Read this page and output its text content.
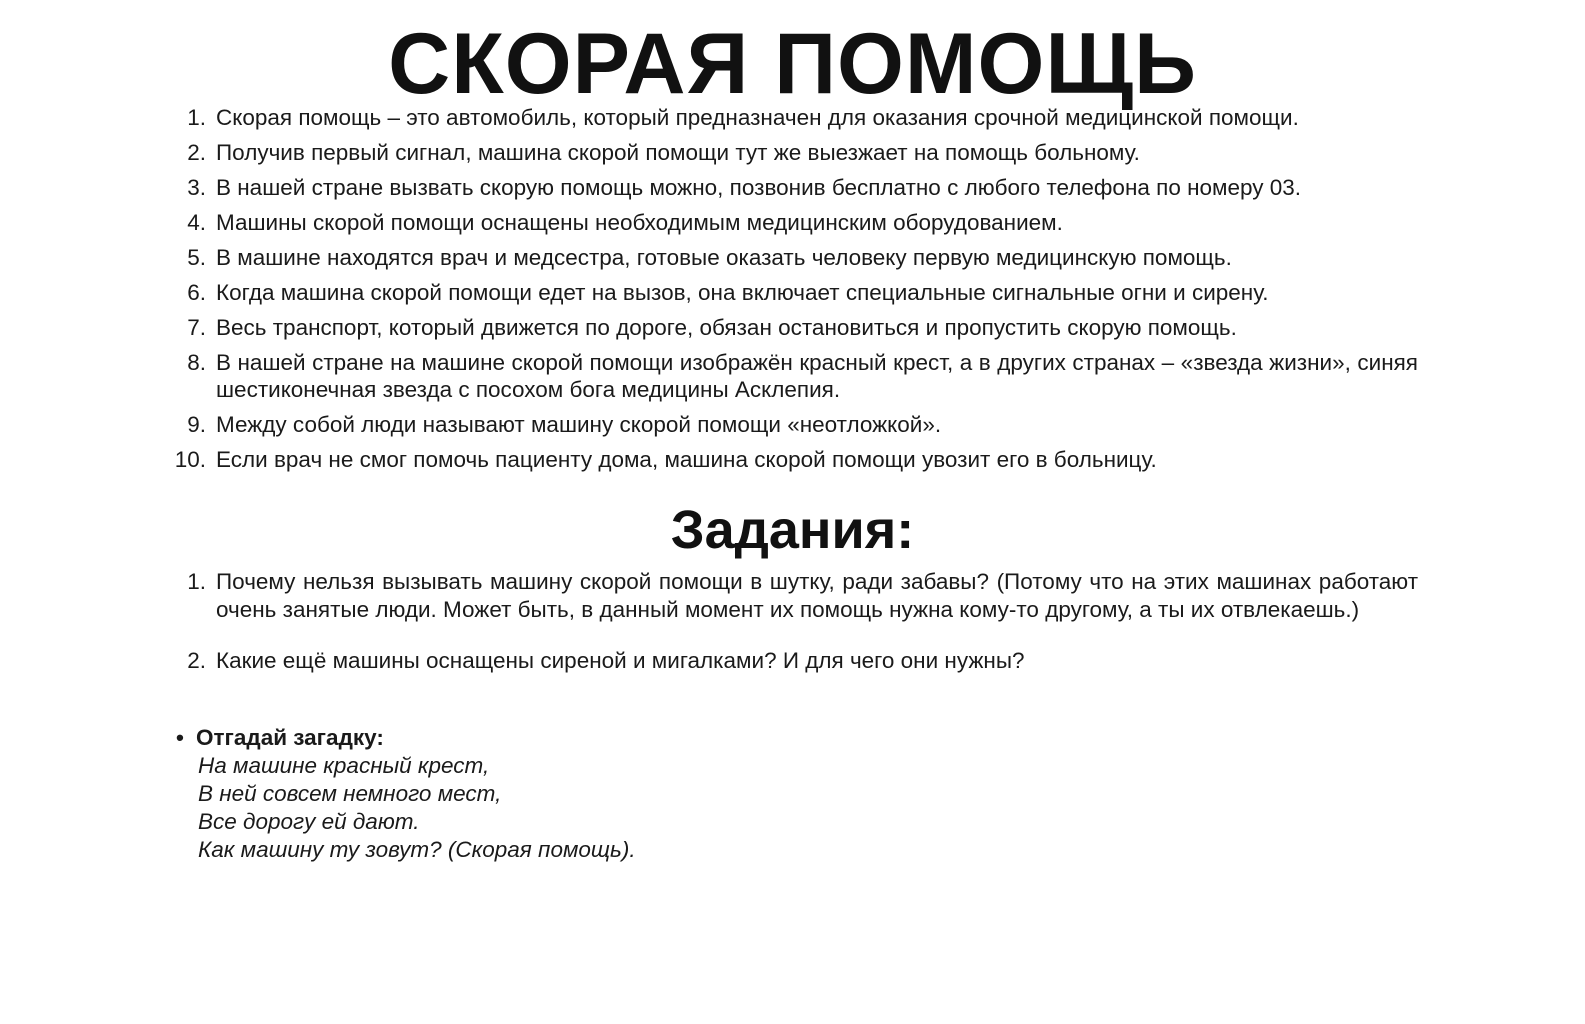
СКОРАЯ ПОМОЩЬ
1. Скорая помощь – это автомобиль, который предназначен для оказания срочной медицинской помощи.
2. Получив первый сигнал, машина скорой помощи тут же выезжает на помощь больному.
3. В нашей стране вызвать скорую помощь можно, позвонив бесплатно с любого телефона по номеру 03.
4. Машины скорой помощи оснащены необходимым медицинским оборудованием.
5. В машине находятся врач и медсестра, готовые оказать человеку первую медицинскую помощь.
6. Когда машина скорой помощи едет на вызов, она включает специальные сигнальные огни и сирену.
7. Весь транспорт, который движется по дороге, обязан остановиться и пропустить скорую помощь.
8. В нашей стране на машине скорой помощи изображён красный крест, а в других странах – «звезда жизни», синяя шестиконечная звезда с посохом бога медицины Асклепия.
9. Между собой люди называют машину скорой помощи «неотложкой».
10. Если врач не смог помочь пациенту дома, машина скорой помощи увозит его в больницу.
Задания:
1. Почему нельзя вызывать машину скорой помощи в шутку, ради забавы? (Потому что на этих машинах работают очень занятые люди. Может быть, в данный момент их помощь нужна кому-то другому, а ты их отвлекаешь.)
2. Какие ещё машины оснащены сиреной и мигалками? И для чего они нужны?
• Отгадай загадку:
На машине красный крест,
В ней совсем немного мест,
Все дорогу ей дают.
Как машину ту зовут? (Скорая помощь).
